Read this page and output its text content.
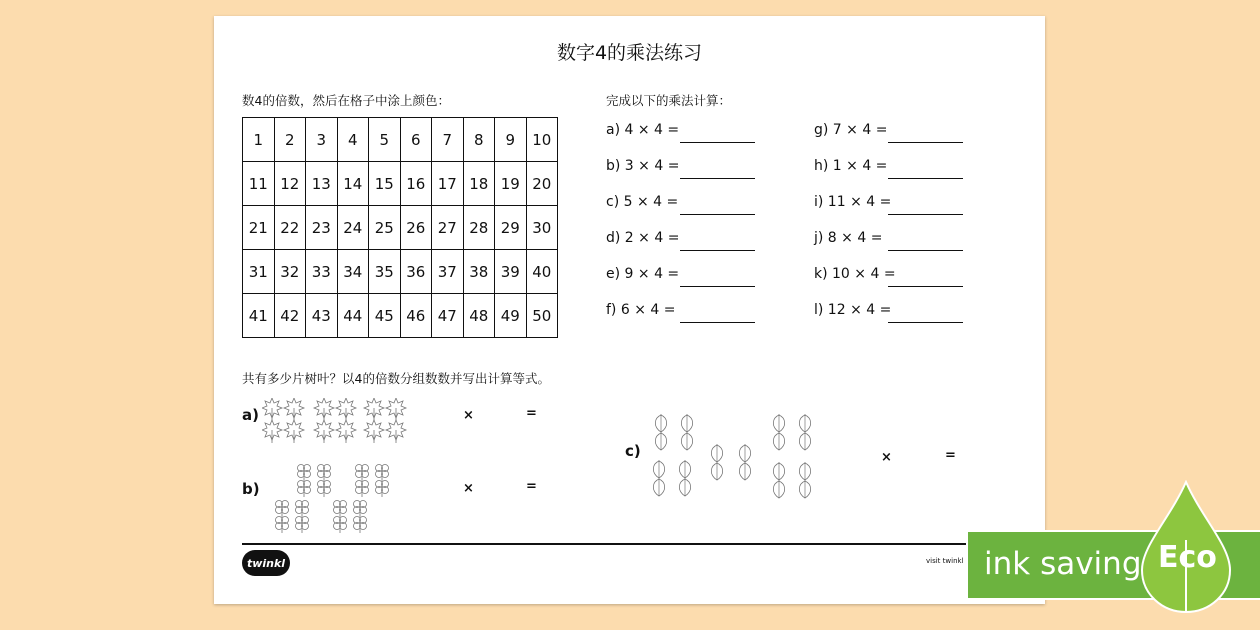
数字4的乘法练习
数4的倍数，然后在格子中涂上颜色：
1	2	3	4	5	6	7	8	9	10
11	12	13	14	15	16	17	18	19	20
21	22	23	24	25	26	27	28	29	30
31	32	33	34	35	36	37	38	39	40
41	42	43	44	45	46	47	48	49	50
完成以下的乘法计算：
a) 4 × 4 =
b) 3 × 4 =
c) 5 × 4 =
d) 2 × 4 =
e) 9 × 4 =
f) 6 × 4 =
g) 7 × 4 =
h) 1 × 4 =
i) 11 × 4 =
j) 8 × 4 =
k) 10 × 4 =
l) 12 × 4 =
共有多少片树叶？以4的倍数分组数数并写出计算等式。
a)	×	=
b)	×	=
c)	×	=
twinkl	visit twinkl ink saving Eco
